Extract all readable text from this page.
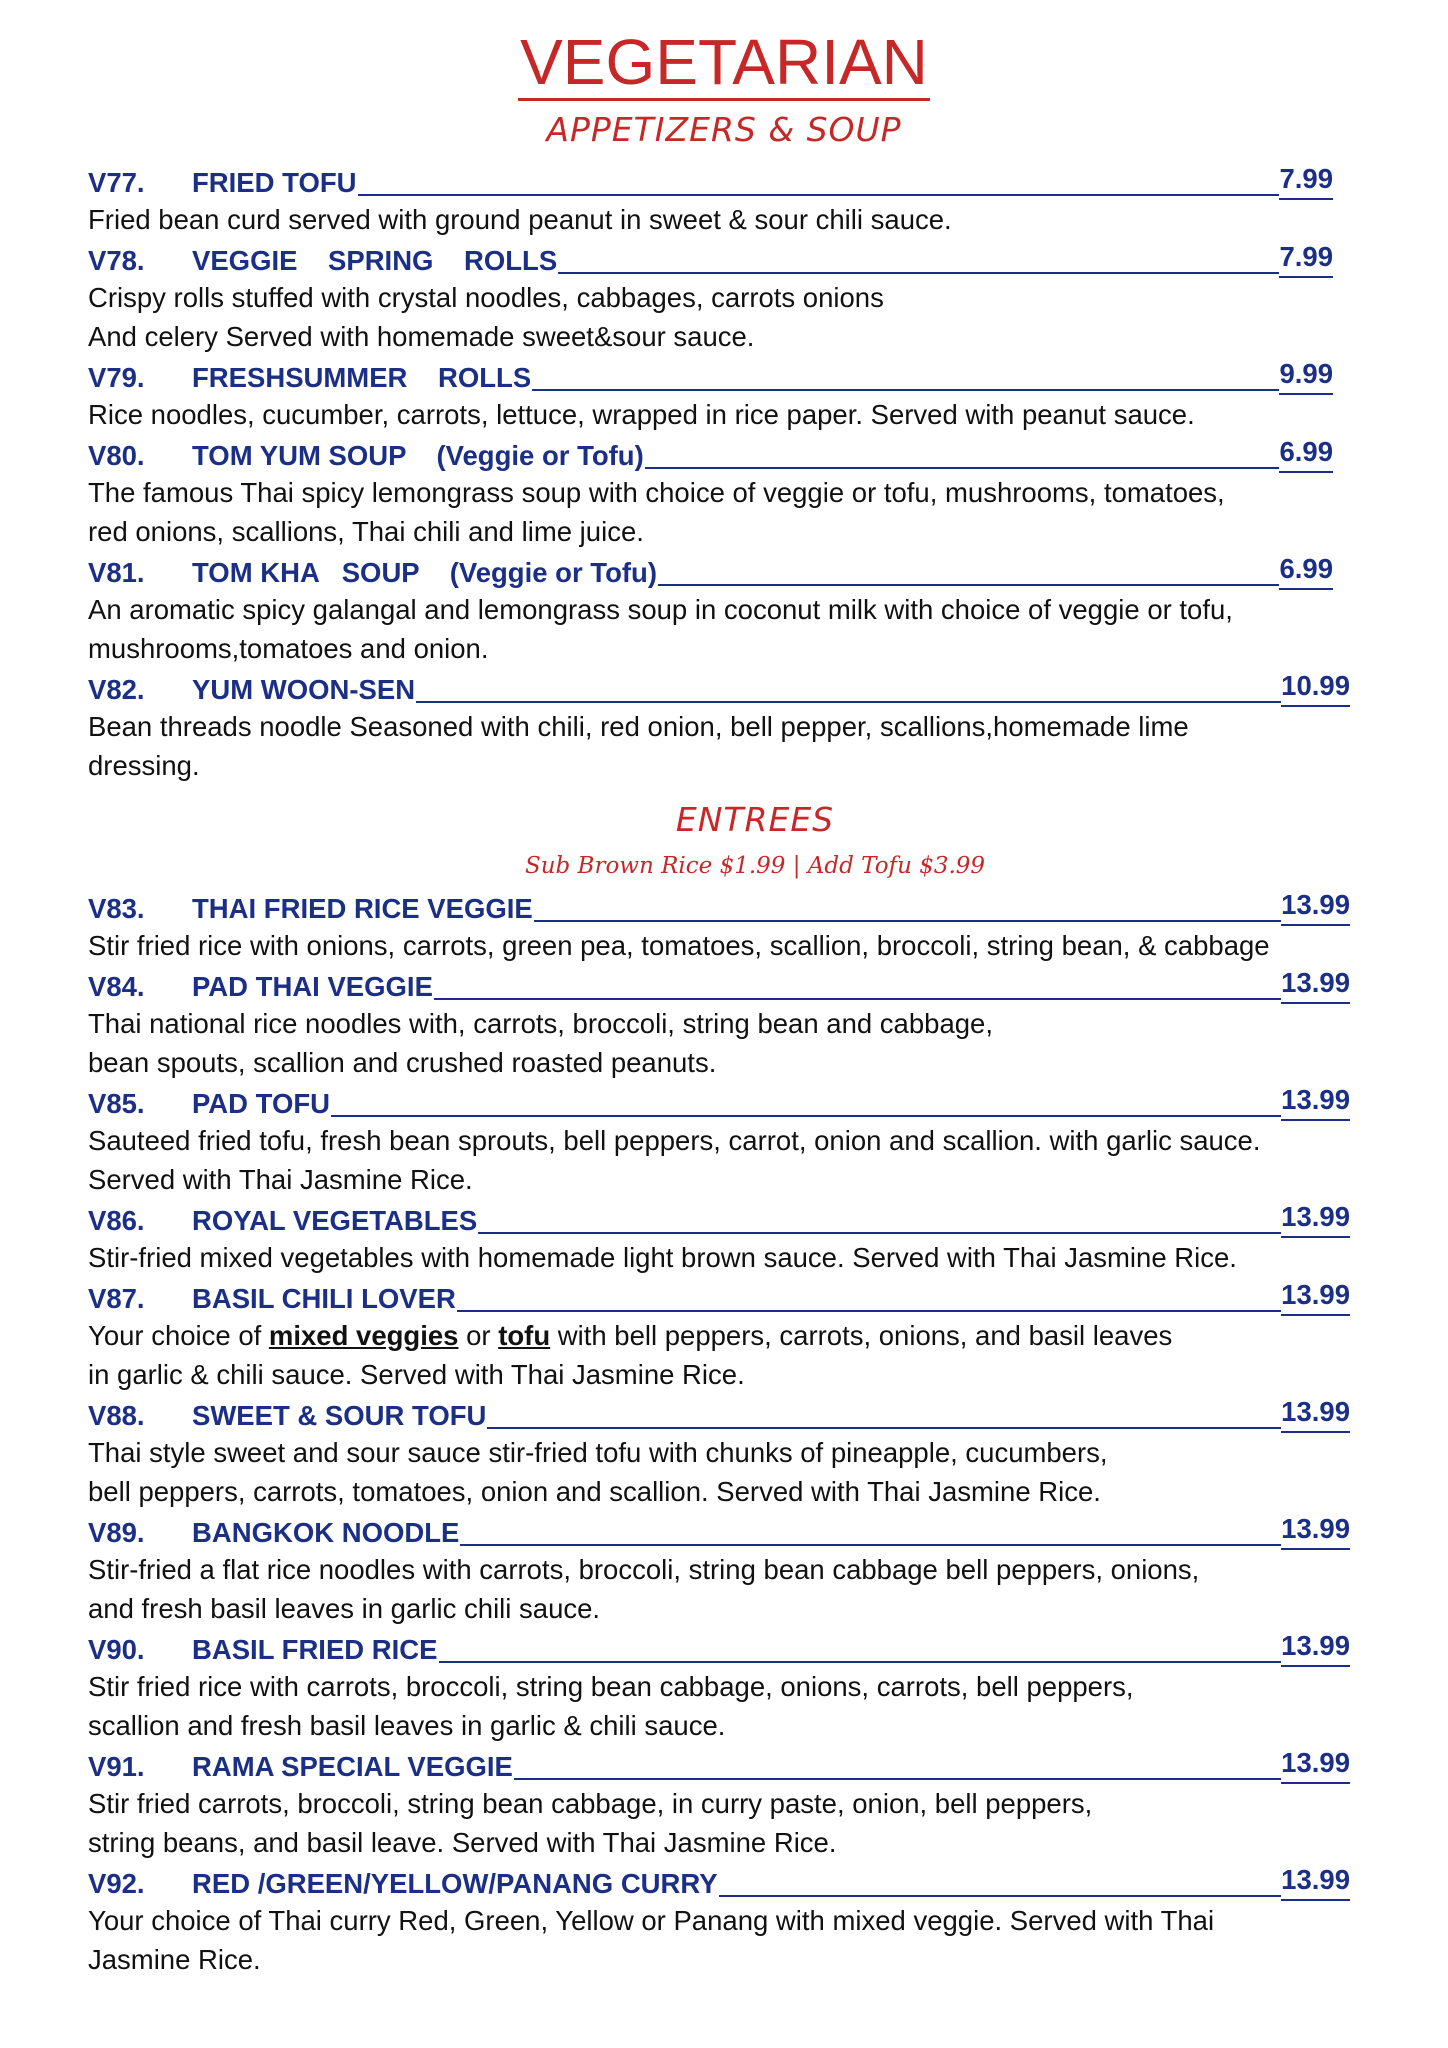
VEGETARIAN
APPETIZERS & SOUP
V77.	FRIED TOFU	7.99
Fried bean curd served with ground peanut in sweet & sour chili sauce.
V78.	VEGGIE    SPRING    ROLLS	7.99
Crispy rolls stuffed with crystal noodles, cabbages, carrots onions
And celery Served with homemade sweet&sour sauce.
V79.	FRESHSUMMER    ROLLS	9.99
Rice noodles, cucumber, carrots, lettuce, wrapped in rice paper. Served with peanut sauce.
V80.	TOM YUM SOUP    (Veggie or Tofu)	6.99
The famous Thai spicy lemongrass soup with choice of veggie or tofu, mushrooms, tomatoes,
red onions, scallions, Thai chili and lime juice.
V81.	TOM KHA   SOUP    (Veggie or Tofu)	6.99
An aromatic spicy galangal and lemongrass soup in coconut milk with choice of veggie or tofu,
mushrooms,tomatoes and onion.
V82.	YUM WOON-SEN	10.99
Bean threads noodle Seasoned with chili, red onion, bell pepper, scallions,homemade lime
dressing.
ENTREES
Sub Brown Rice $1.99 | Add Tofu $3.99
V83.	THAI FRIED RICE VEGGIE	13.99
Stir fried rice with onions, carrots, green pea, tomatoes, scallion, broccoli, string bean, & cabbage
V84.	PAD THAI VEGGIE	13.99
Thai national rice noodles with, carrots, broccoli, string bean and cabbage,
bean spouts, scallion and crushed roasted peanuts.
V85.	PAD TOFU	13.99
Sauteed fried tofu, fresh bean sprouts, bell peppers, carrot, onion and scallion. with garlic sauce.
Served with Thai Jasmine Rice.
V86.	ROYAL VEGETABLES	13.99
Stir-fried mixed vegetables with homemade light brown sauce. Served with Thai Jasmine Rice.
V87.	BASIL CHILI LOVER	13.99
Your choice of mixed veggies or tofu with bell peppers, carrots, onions, and basil leaves
in garlic & chili sauce. Served with Thai Jasmine Rice.
V88.	SWEET & SOUR TOFU	13.99
Thai style sweet and sour sauce stir-fried tofu with chunks of pineapple, cucumbers,
bell peppers, carrots, tomatoes, onion and scallion. Served with Thai Jasmine Rice.
V89.	BANGKOK NOODLE	13.99
Stir-fried a flat rice noodles with carrots, broccoli, string bean cabbage bell peppers, onions,
and fresh basil leaves in garlic chili sauce.
V90.	BASIL FRIED RICE	13.99
Stir fried rice with carrots, broccoli, string bean cabbage, onions, carrots, bell peppers,
scallion and fresh basil leaves in garlic & chili sauce.
V91.	RAMA SPECIAL VEGGIE	13.99
Stir fried carrots, broccoli, string bean cabbage, in curry paste, onion, bell peppers,
string beans, and basil leave. Served with Thai Jasmine Rice.
V92.	RED /GREEN/YELLOW/PANANG CURRY	13.99
Your choice of Thai curry Red, Green, Yellow or Panang with mixed veggie. Served with Thai
Jasmine Rice.
